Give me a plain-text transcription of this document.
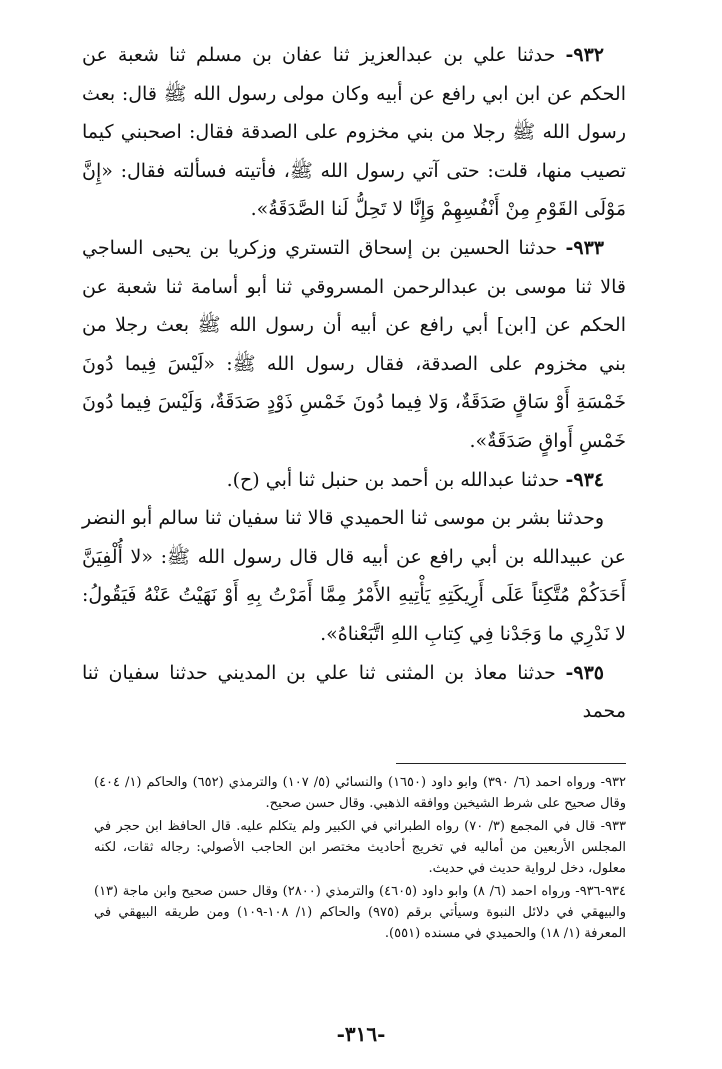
٩٣٢- حدثنا علي بن عبدالعزيز ثنا عفان بن مسلم ثنا شعبة عن الحكم عن ابن ابي رافع عن أبيه وكان مولى رسول الله ﷺ قال: بعث رسول الله ﷺ رجلا من بني مخزوم على الصدقة فقال: اصحبني كيما تصيب منها، قلت: حتى آتي رسول الله ﷺ، فأتيته فسألته فقال: «إِنَّ مَوْلَى القَوْمِ مِنْ أَنْفُسِهِمْ وَإِنَّا لا تَحِلُّ لَنا الصَّدَقَةُ».

٩٣٣- حدثنا الحسين بن إسحاق التستري وزكريا بن يحيى الساجي قالا ثنا موسى بن عبدالرحمن المسروقي ثنا أبو أسامة ثنا شعبة عن الحكم عن [ابن] أبي رافع عن أبيه أن رسول الله ﷺ بعث رجلا من بني مخزوم على الصدقة، فقال رسول الله ﷺ: «لَيْسَ فِيما دُونَ خَمْسَةِ أَوْ سَاقٍ صَدَقَةٌ، وَلا فِيما دُونَ خَمْسِ ذَوْدٍ صَدَقَةٌ، وَلَيْسَ فِيما دُونَ خَمْسِ أَواقٍ صَدَقَةٌ».

٩٣٤- حدثنا عبدالله بن أحمد بن حنبل ثنا أبي (ح).

وحدثنا بشر بن موسى ثنا الحميدي قالا ثنا سفيان ثنا سالم أبو النضر عن عبيدالله بن أبي رافع عن أبيه قال قال رسول الله ﷺ: «لا أُلْفِيَنَّ أَحَدَكُمْ مُتَّكِئاً عَلَى أَرِيكَتِهِ يَأْتِيهِ الأَمْرُ مِمَّا أَمَرْتُ بِهِ أَوْ نَهَيْتُ عَنْهُ فَيَقُولُ: لا نَدْرِي ما وَجَدْنا فِي كِتابِ اللهِ اتَّبَعْناهُ».

٩٣٥- حدثنا معاذ بن المثنى ثنا علي بن المديني حدثنا سفيان ثنا محمد

٩٣٢- ورواه احمد (٦/ ٣٩٠) وابو داود (١٦٥٠) والنسائي (٥/ ١٠٧) والترمذي (٦٥٢) والحاكم (١/ ٤٠٤) وقال صحيح على شرط الشيخين ووافقه الذهبي. وقال حسن صحيح.

٩٣٣- قال في المجمع (٣/ ٧٠) رواه الطبراني في الكبير ولم يتكلم عليه. قال الحافظ ابن حجر في المجلس الأربعين من أماليه في تخريج أحاديث مختصر ابن الحاجب الأصولي: رجاله ثقات، لكنه معلول، دخل لرواية حديث في حديث.

٩٣٤-٩٣٦- ورواه احمد (٦/ ٨) وابو داود (٤٦٠٥) والترمذي (٢٨٠٠) وقال حسن صحيح وابن ماجة (١٣) والبيهقي في دلائل النبوة وسيأتي برقم (٩٧٥) والحاكم (١/ ١٠٨-١٠٩) ومن طريقه البيهقي في المعرفة (١/ ١٨) والحميدي في مسنده (٥٥١).

-٣١٦-
